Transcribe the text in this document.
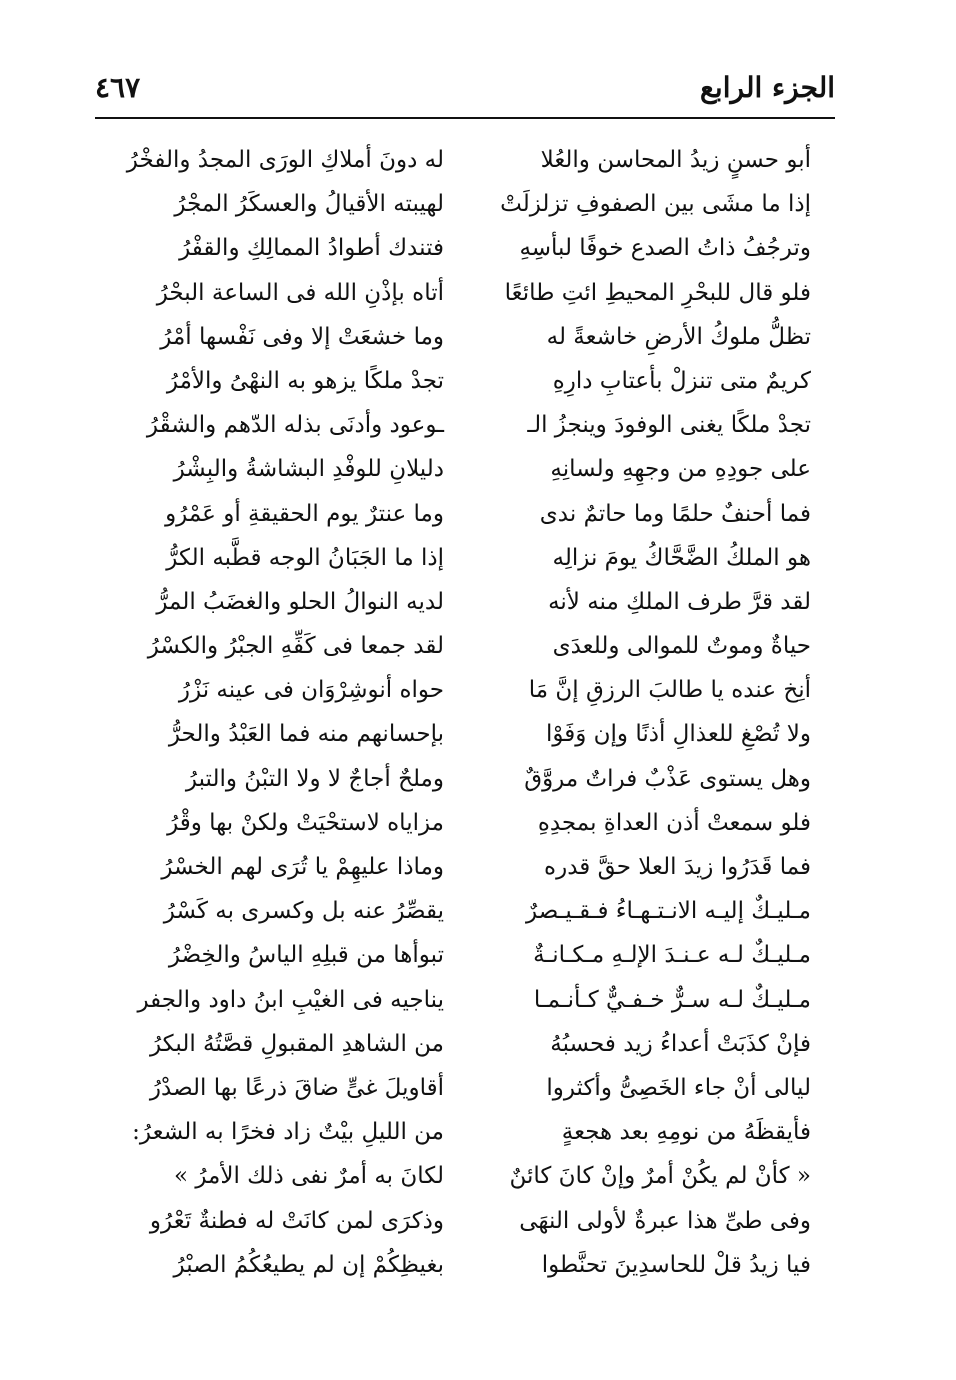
الجزء الرابع
٤٦٧
أبو حسنٍ زيدُ المحاسن والعُلا
إذا ما مشَى بين الصفوفِ تزلزلَتْ
وترجُفُ ذاتُ الصدع خوفًا لبأسِهِ
فلو قال للبحْرِ المحيطِ ائتِ طائعًا
تظلُّ ملوكُ الأرضِ خاشعةً له
كريمٌ متى تنزلْ بأعتابِ دارِهِ
تجدْ ملكًا يغنى الوفودَ وينجزُ الـ
على جودِهِ من وجهِهِ ولسانِهِ
فما أحنفٌ حلمًا وما حاتمٌ ندى
هو الملكُ الضَّحَّاكُ يومَ نزالِه
لقد قرَّ طرف الملكِ منه لأنه
حياةٌ وموتٌ للموالى وللعدَى
أنِخ عنده يا طالبَ الرزقِ إنَّ مَا
ولا تُصْغِ للعذالِ أذنًا وإن وَفَوْا
وهل يستوى عَذْبٌ فراتٌ مروَّقٌ
فلو سمعتْ أذن العداةِ بمجدِهِ
فما قَدَرُوا زيدَ العلا حقَّ قدره
مـليـكٌ إليـه الانـتـهـاءُ فـقـيـصرٌ
مـليـكٌ لـه عـنـدَ الإلـهِ مـكـانـةٌ
مـليـكٌ لـه سـرٌّ خـفـيٌّ كـأنـمـا
فإنْ كذَبَتْ أعداءُ زيد فحسبُهُ
ليالى أنْ جاء الخَصِىُّ وأكثروا
فأيقظَهُ من نومِهِ بعد هجعةٍ
« كأنْ لم يكُنْ أمرٌ وإنْ كانَ كائنٌ
وفى طىِّ هذا عبرةٌ لأولى النهَى
فيا زيدُ قلْ للحاسدِينَ تحنَّطوا
له دونَ أملاكِ الورَى المجدُ والفخْرُ
لهيبته الأقيالُ والعسكَرُ المجْرُ
فتندك أطوادُ الممالِكِ والقفْرُ
أتاه بإذْنِ الله فى الساعة البحْرُ
وما خشعَتْ إلا وفى نَفْسها أمْرُ
تجدْ ملكًا يزهو به النهْىُ والأمْرُ
ـوعود وأدنَى بذله الدّهم والشقْرُ
دليلانِ للوفْدِ البشاشةُ والبِشْرُ
وما عنترٌ يوم الحقيقةِ أو عَمْرُو
إذا ما الجَبَانُ الوجه قطَّبه الكرُّ
لديه النوالُ الحلو والغضَبُ المرُّ
لقد جمعا فى كَفِّهِ الجبْرُ والكسْرُ
حواه أنوشِرْوَان فى عينه نَزْرُ
بإحسانهم منه فما العَبْدُ والحرُّ
وملحٌ أجاجٌ لا ولا التبْنُ والتبرُ
مزاياه لاستحْيَتْ ولكنْ بها وقْرُ
وماذا عليهِمْ يا تُرَى لهم الخسْرُ
يقصِّرُ عنه بل وكسرى به كَسْرُ
تبوأها من قبلِهِ الياسُ والخِضْرُ
يناجيه فى الغيْبِ ابنُ داود والجفر
من الشاهدِ المقبولِ قصَّتُهُ البكرُ
أقاويلَ غىٍّ ضاقَ ذرعًا بها الصدْرُ
من الليلِ بيْتٌ زاد فخرًا به الشعرُ:
لكانَ به أمرٌ نفى ذلك الأمرُ »
وذكرَى لمن كانَتْ له فطنةٌ تَعْرُو
بغيظِكُمْ إن لم يطيعُكُمُ الصبْرُ
